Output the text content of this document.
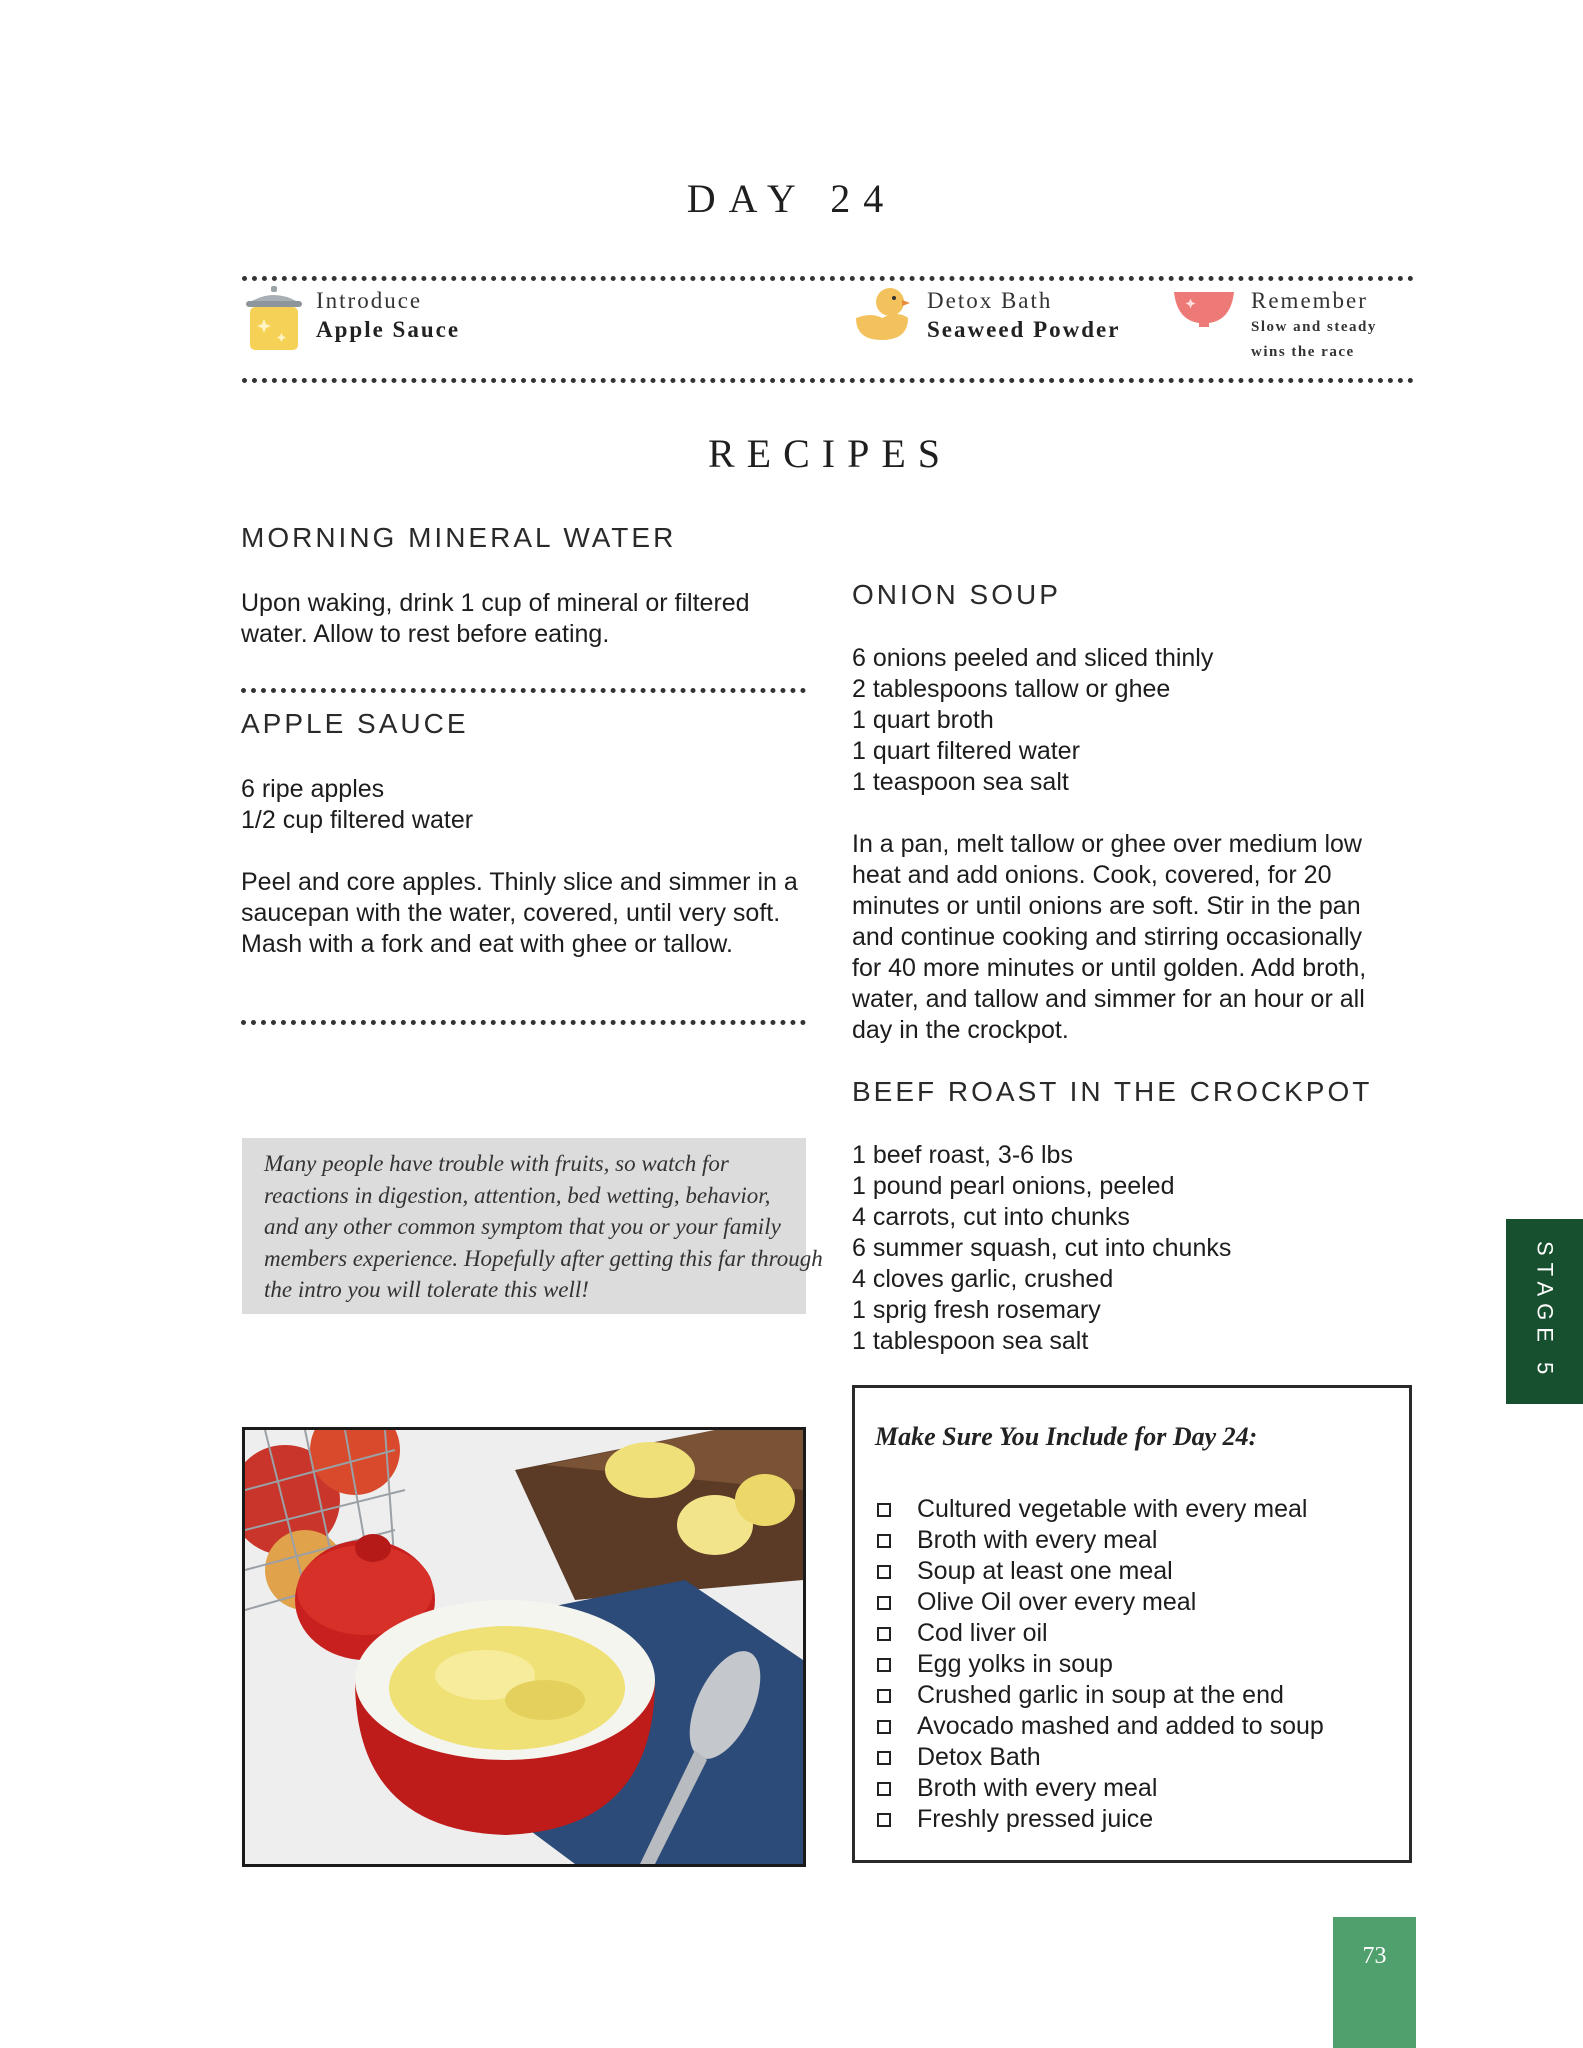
DAY 24
Introduce
Apple Sauce
Detox Bath
Seaweed Powder
Remember
Slow and steady
wins the race
RECIPES
MORNING MINERAL WATER
Upon waking, drink 1 cup of mineral or filtered
water. Allow to rest before eating.
APPLE SAUCE
6 ripe apples
1/2 cup filtered water
Peel and core apples. Thinly slice and simmer in a
saucepan with the water, covered, until very soft.
Mash with a fork and eat with ghee or tallow.
Many people have trouble with fruits, so watch for
reactions in digestion, attention, bed wetting, behavior,
and any other common symptom that you or your family
members experience. Hopefully after getting this far through
the intro you will tolerate this well!
ONION SOUP
6 onions peeled and sliced thinly
2 tablespoons tallow or ghee
1 quart broth
1 quart filtered water
1 teaspoon sea salt
In a pan, melt tallow or ghee over medium low
heat and add onions. Cook, covered, for 20
minutes or until onions are soft. Stir in the pan
and continue cooking and stirring occasionally
for 40 more minutes or until golden. Add broth,
water, and tallow and simmer for an hour or all
day in the crockpot.
BEEF ROAST IN THE CROCKPOT
1 beef roast, 3-6 lbs
1 pound pearl onions, peeled
4 carrots, cut into chunks
6 summer squash, cut into chunks
4 cloves garlic, crushed
1 sprig fresh rosemary
1 tablespoon sea salt
Make Sure You Include for Day 24:
Cultured vegetable with every meal
Broth with every meal
Soup at least one meal
Olive Oil over every meal
Cod liver oil
Egg yolks in soup
Crushed garlic in soup at the end
Avocado mashed and added to soup
Detox Bath
Broth with every meal
Freshly pressed juice
STAGE 5
73
